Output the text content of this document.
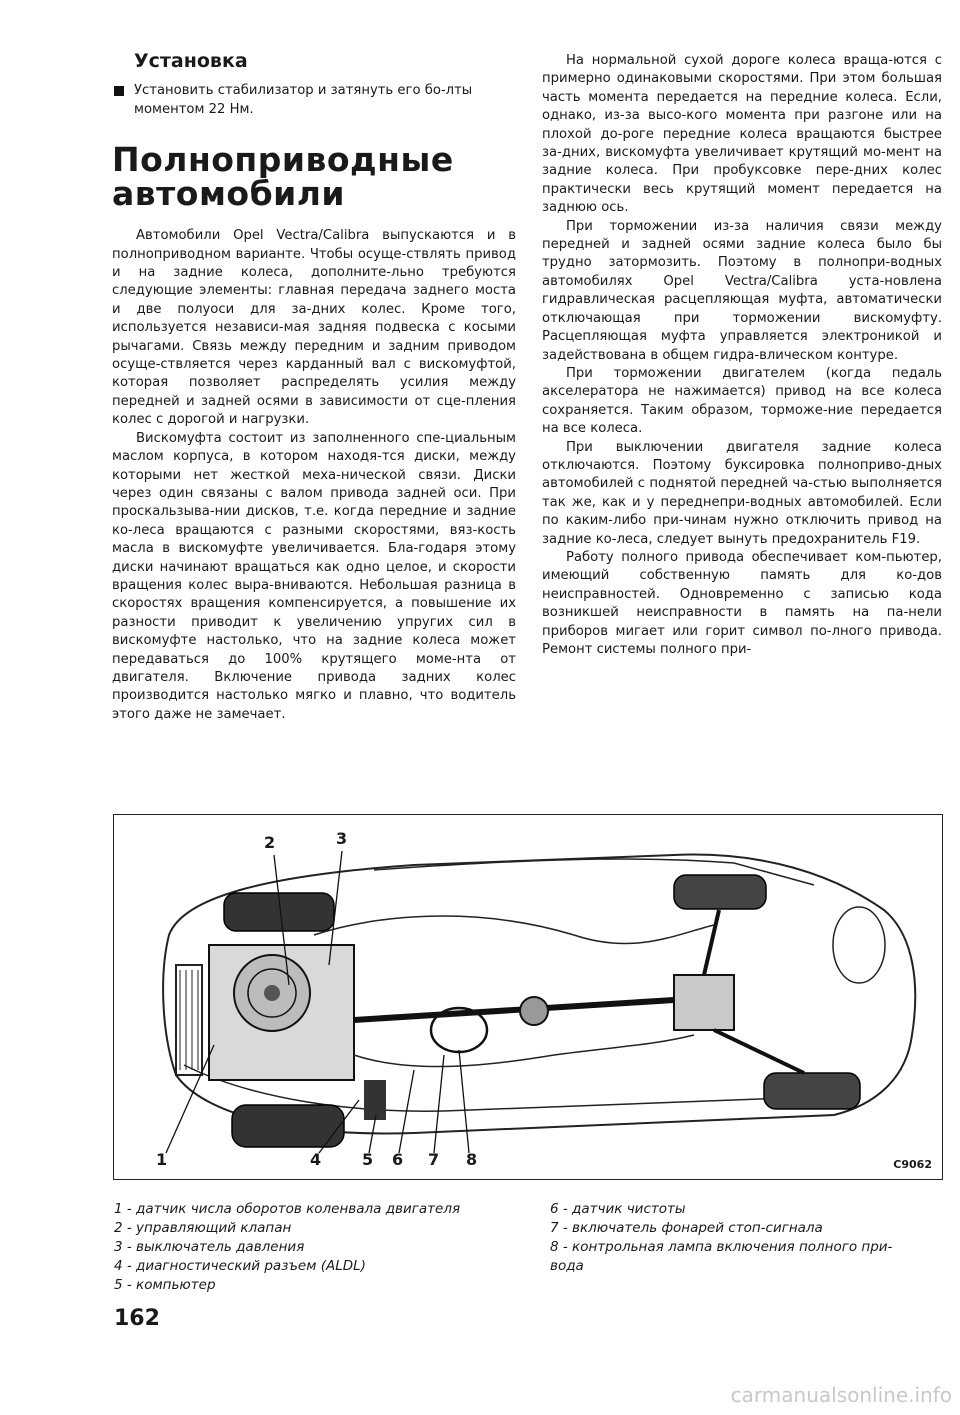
Установка
Установить стабилизатор и затянуть его бо-лты моментом 22 Нм.
Полноприводные
автомобили

Автомобили Opel Vectra/Calibra выпускаются и в полноприводном варианте. Чтобы осуще-ствлять привод и на задние колеса, дополните-льно требуются следующие элементы: главная передача заднего моста и две полуоси для за-дних колес. Кроме того, используется независи-мая задняя подвеска с косыми рычагами. Связь между передним и задним приводом осуще-ствляется через карданный вал с вискомуфтой, которая позволяет распределять усилия между передней и задней осями в зависимости от сце-пления колес с дорогой и нагрузки.

Вискомуфта состоит из заполненного спе-циальным маслом корпуса, в котором находя-тся диски, между которыми нет жесткой меха-нической связи. Диски через один связаны с валом привода задней оси. При проскальзыва-нии дисков, т.е. когда передние и задние ко-леса вращаются с разными скоростями, вяз-кость масла в вискомуфте увеличивается. Бла-годаря этому диски начинают вращаться как одно целое, и скорости вращения колес выра-вниваются. Небольшая разница в скоростях вращения компенсируется, а повышение их разности приводит к увеличению упругих сил в вискомуфте настолько, что на задние колеса может передаваться до 100% крутящего моме-нта от двигателя. Включение привода задних колес производится настолько мягко и плавно, что водитель этого даже не замечает.

На нормальной сухой дороге колеса враща-ются с примерно одинаковыми скоростями. При этом большая часть момента передается на передние колеса. Если, однако, из-за высо-кого момента при разгоне или на плохой до-роге передние колеса вращаются быстрее за-дних, вискомуфта увеличивает крутящий мо-мент на задние колеса. При пробуксовке пере-дних колес практически весь крутящий момент передается на заднюю ось.

При торможении из-за наличия связи между передней и задней осями задние колеса было бы трудно затормозить. Поэтому в полнопри-водных автомобилях Opel Vectra/Calibra уста-новлена гидравлическая расцепляющая муфта, автоматически отключающая при торможении вискомуфту. Расцепляющая муфта управляется электроникой и задействована в общем гидра-влическом контуре.

При торможении двигателем (когда педаль акселератора не нажимается) привод на все колеса сохраняется. Таким образом, торможе-ние передается на все колеса.

При выключении двигателя задние колеса отключаются. Поэтому буксировка полноприво-дных автомобилей с поднятой передней ча-стью выполняется так же, как и у переднепри-водных автомобилей. Если по каким-либо при-чинам нужно отключить привод на задние ко-леса, следует вынуть предохранитель F19.

Работу полного привода обеспечивает ком-пьютер, имеющий собственную память для ко-дов неисправностей. Одновременно с записью кода возникшей неисправности в память на па-нели приборов мигает или горит символ по-лного привода. Ремонт системы полного при-

1
2	3
4	5 6 7 8	C9062
1 - датчик числа оборотов коленвала двигателя
2 - управляющий клапан
3 - выключатель давления
4 - диагностический разъем (ALDL)
5 - компьютер
6 - датчик чистоты
7 - включатель фонарей стоп-сигнала
8 - контрольная лампа включения полного при-
вода
162
carmanualsonline.info
